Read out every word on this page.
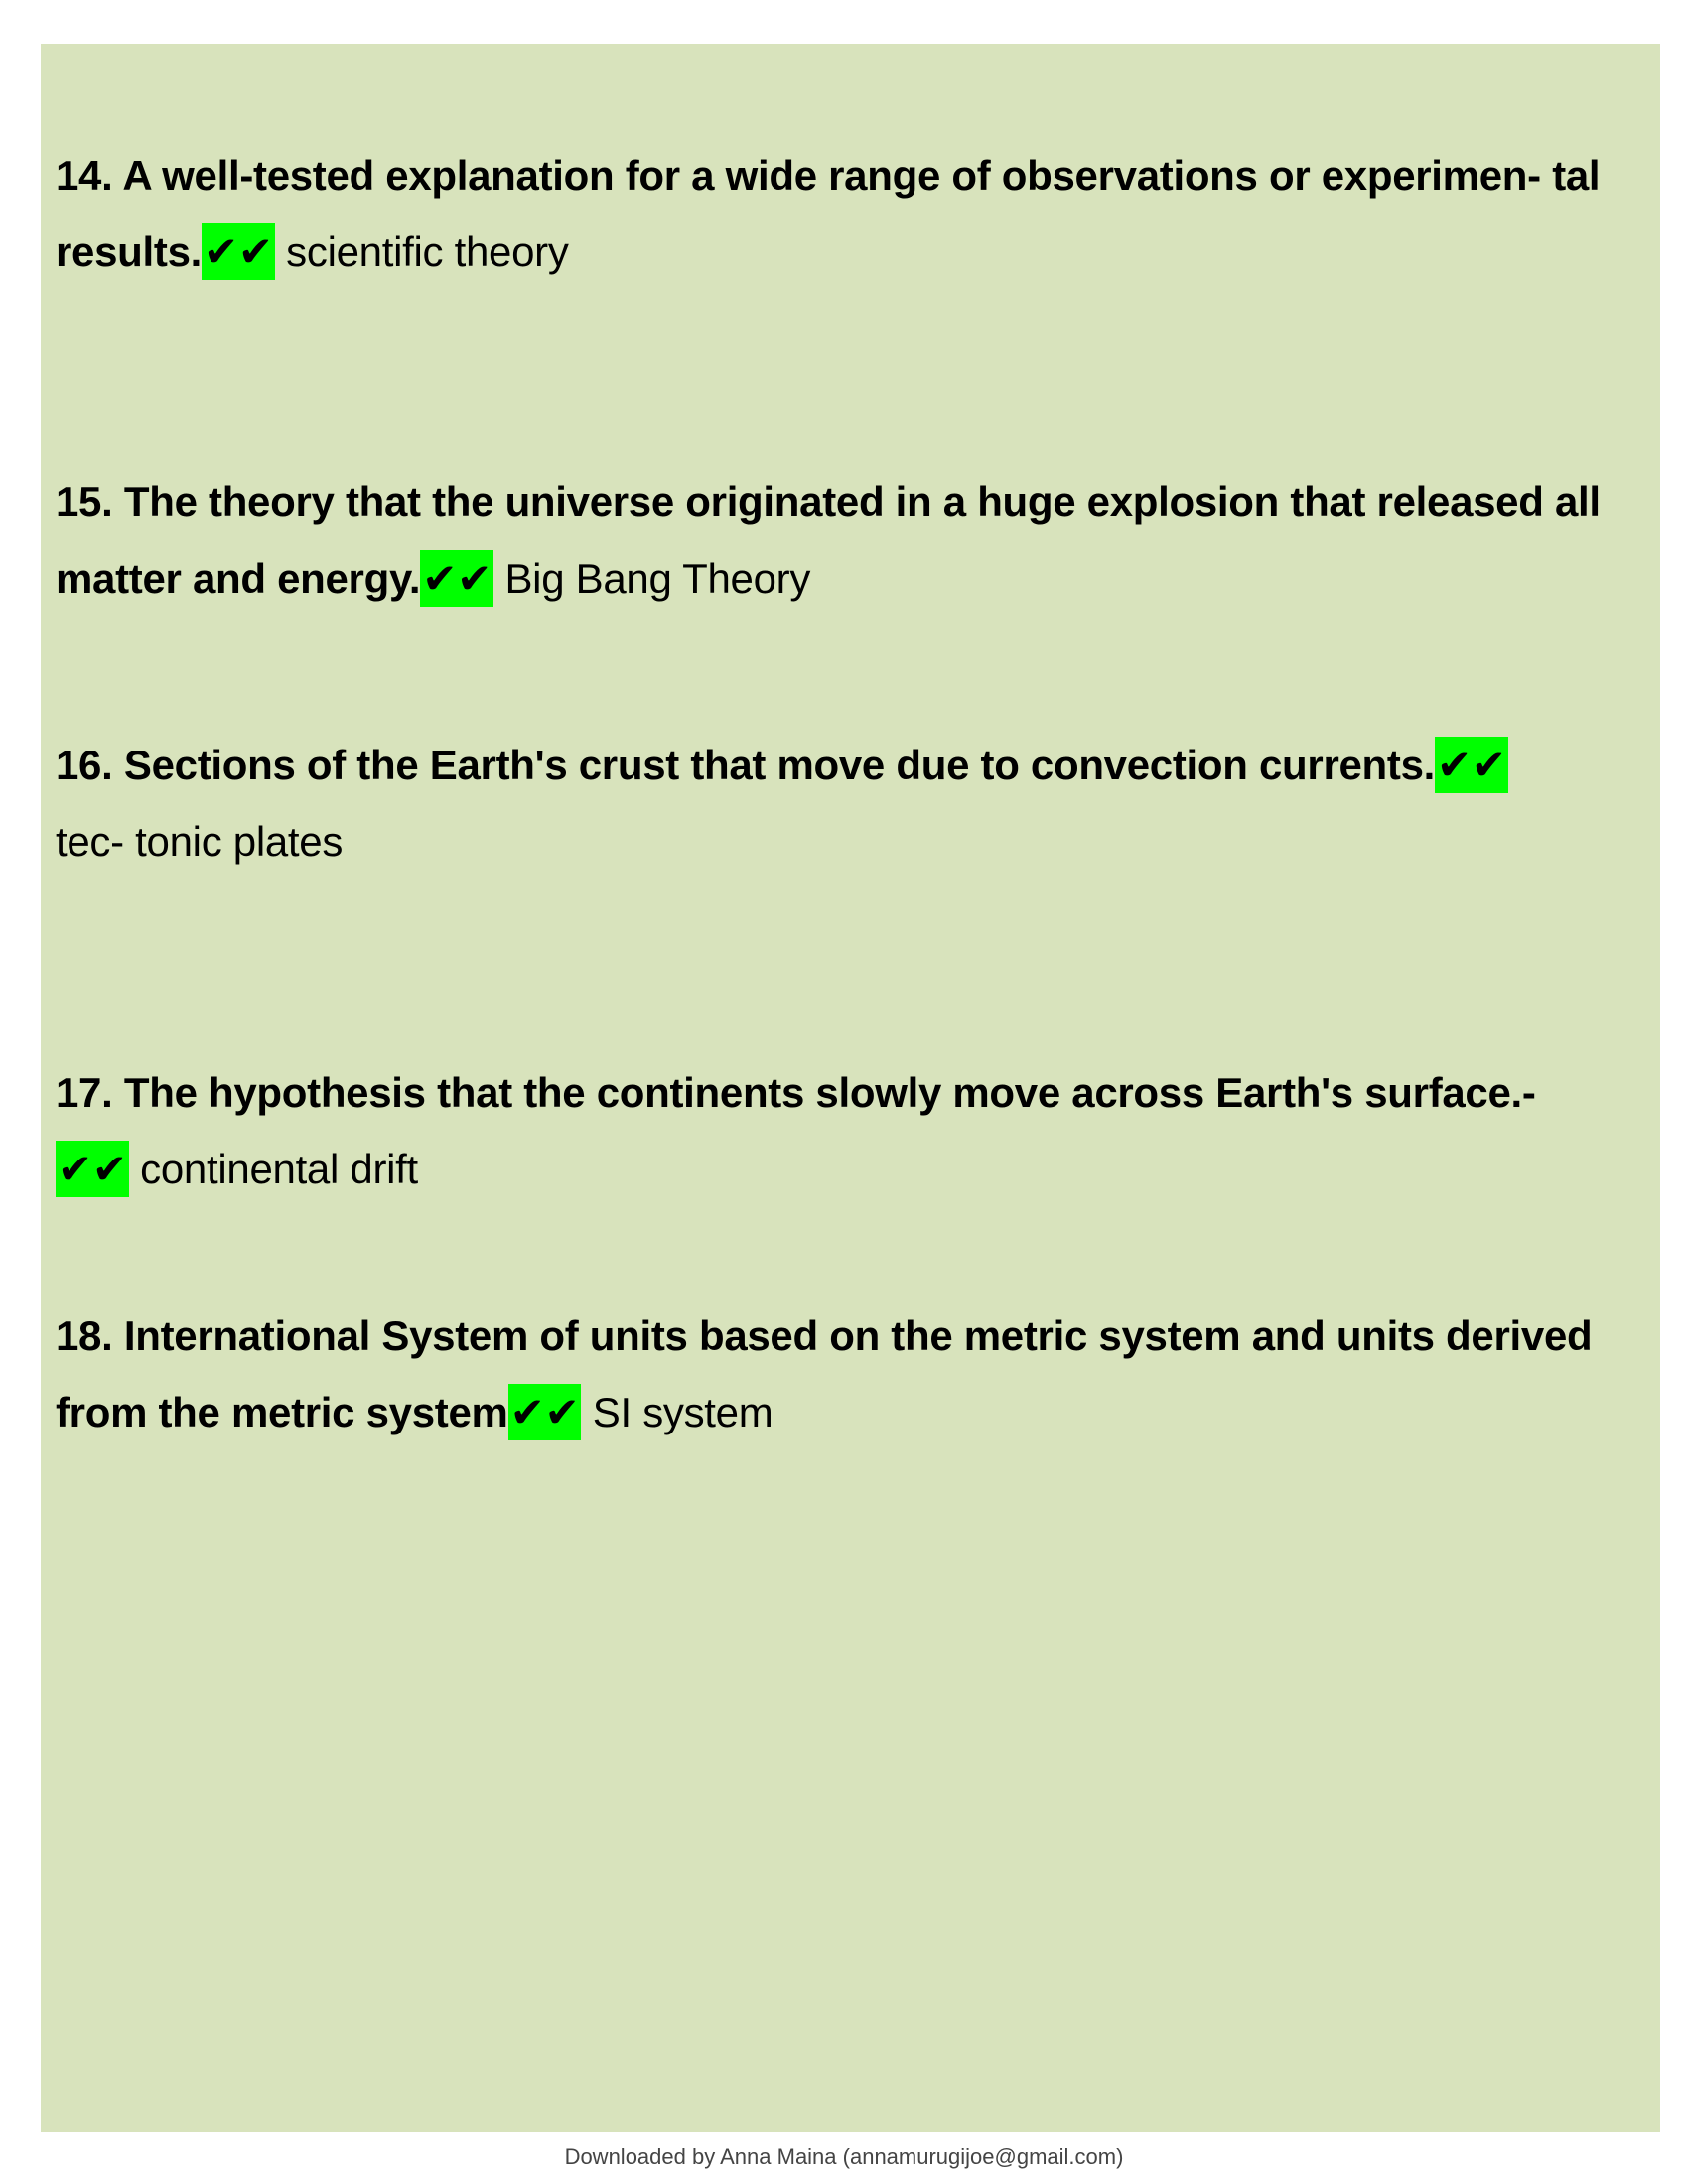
14. A well-tested explanation for a wide range of observations or experimen- tal results.✔✔ scientific theory
15. The theory that the universe originated in a huge explosion that released all matter and energy.✔✔ Big Bang Theory
16. Sections of the Earth's crust that move due to convection currents.✔✔
tec- tonic plates
17. The hypothesis that the continents slowly move across Earth's surface.-
✔✔ continental drift
18. International System of units based on the metric system and units derived from the metric system✔✔ SI system
Downloaded by Anna Maina (annamurugijoe@gmail.com)
